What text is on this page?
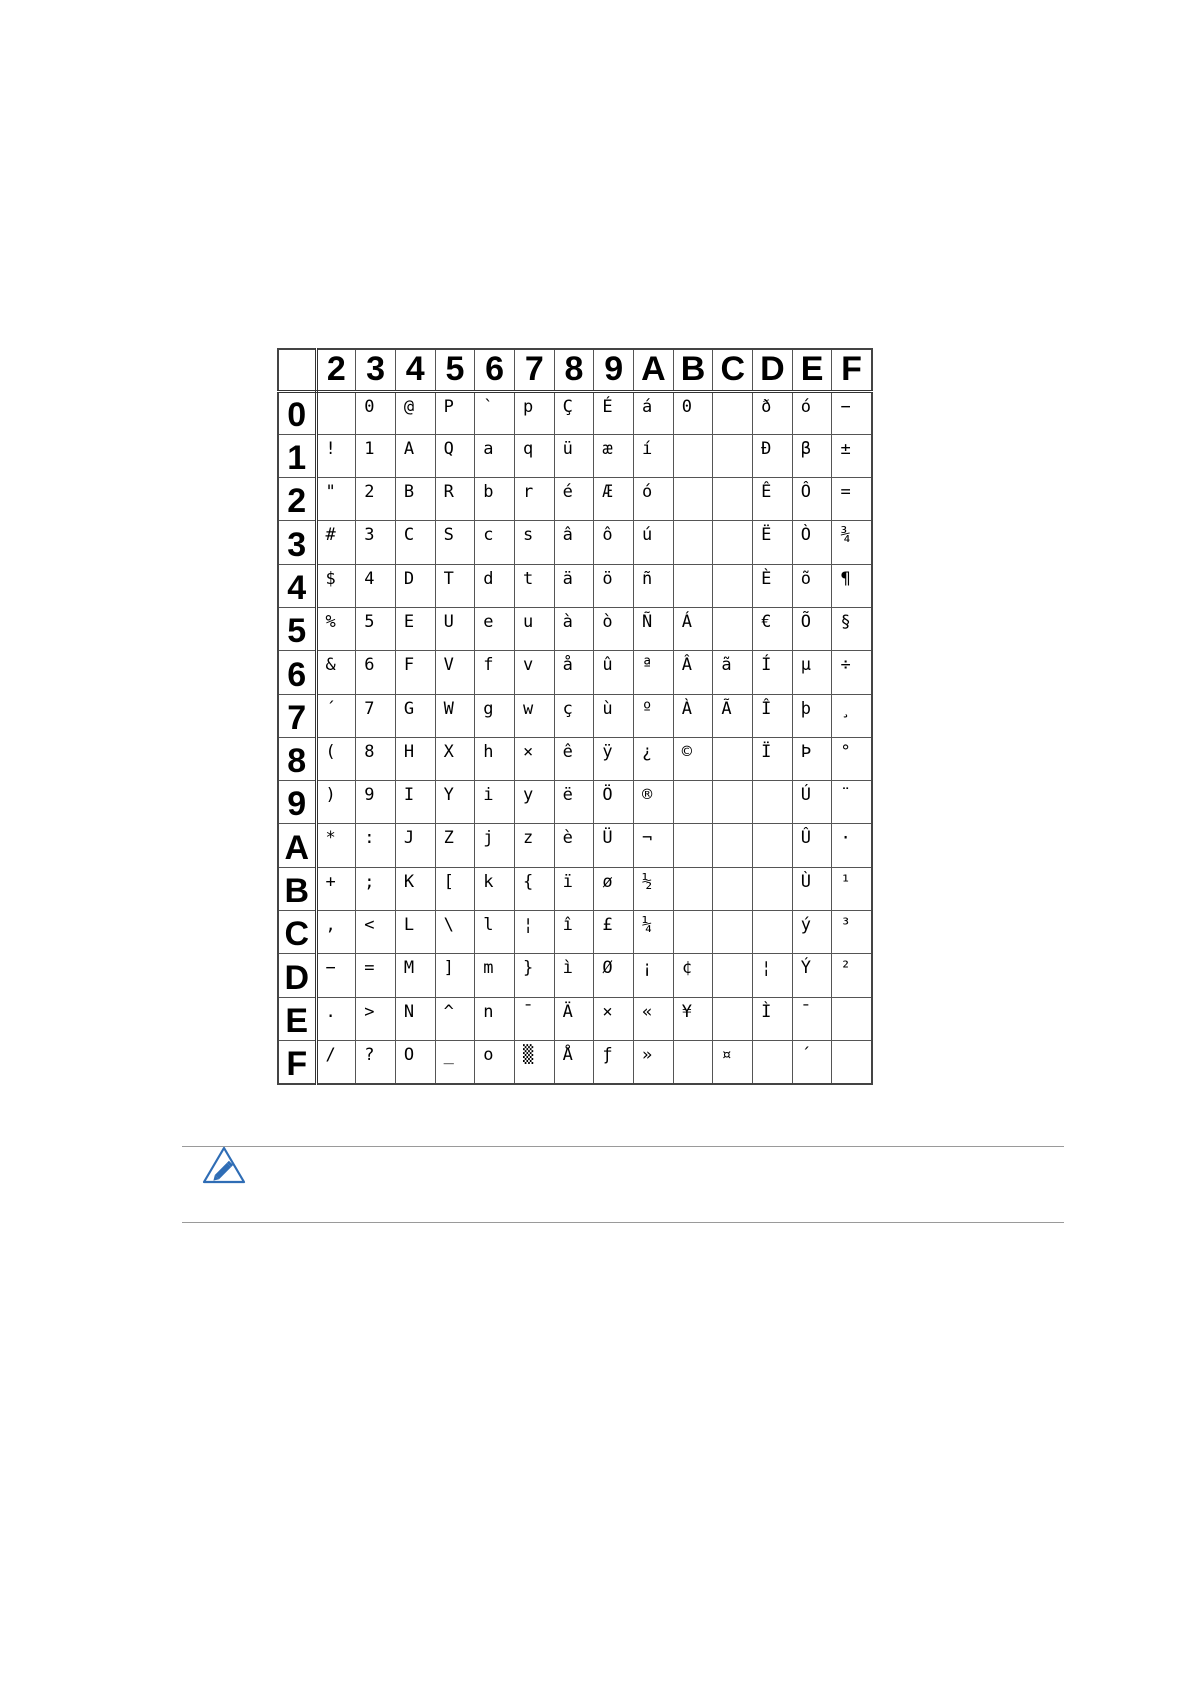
	2	3	4	5	6	7	8	9	A	B	C	D	E	F
0		0	@	P	`	p	Ç	É	á	0		ð	ó	−
1	!	1	A	Q	a	q	ü	æ	í			Đ	β	±
2	"	2	B	R	b	r	é	Æ	ó			Ê	Ô	=
3	#	3	C	S	c	s	â	ô	ú			Ë	Ò	¾
4	$	4	D	T	d	t	ä	ö	ñ			È	õ	¶
5	%	5	E	U	e	u	à	ò	Ñ	Á		€	Õ	§
6	&	6	F	V	f	v	å	û	ª	Â	ã	Í	µ	÷
7	´	7	G	W	g	w	ç	ù	º	À	Ã	Î	þ	¸
8	(	8	H	X	h	×	ê	ÿ	¿	©		Ï	Þ	°
9	)	9	I	Y	i	y	ë	Ö	®				Ú	¨
A	*	:	J	Z	j	z	è	Ü	¬				Û	·
B	+	;	K	[	k	{	ï	ø	½				Ù	¹
C	,	<	L	\	l	¦	î	£	¼				ý	³
D	−	=	M	]	m	}	ì	Ø	¡	¢		¦	Ý	²
E	.	>	N	^	n	¯	Ä	×	«	¥		Ì	¯	
F	/	?	O	_	o	▒	Å	ƒ	»		¤		´	
